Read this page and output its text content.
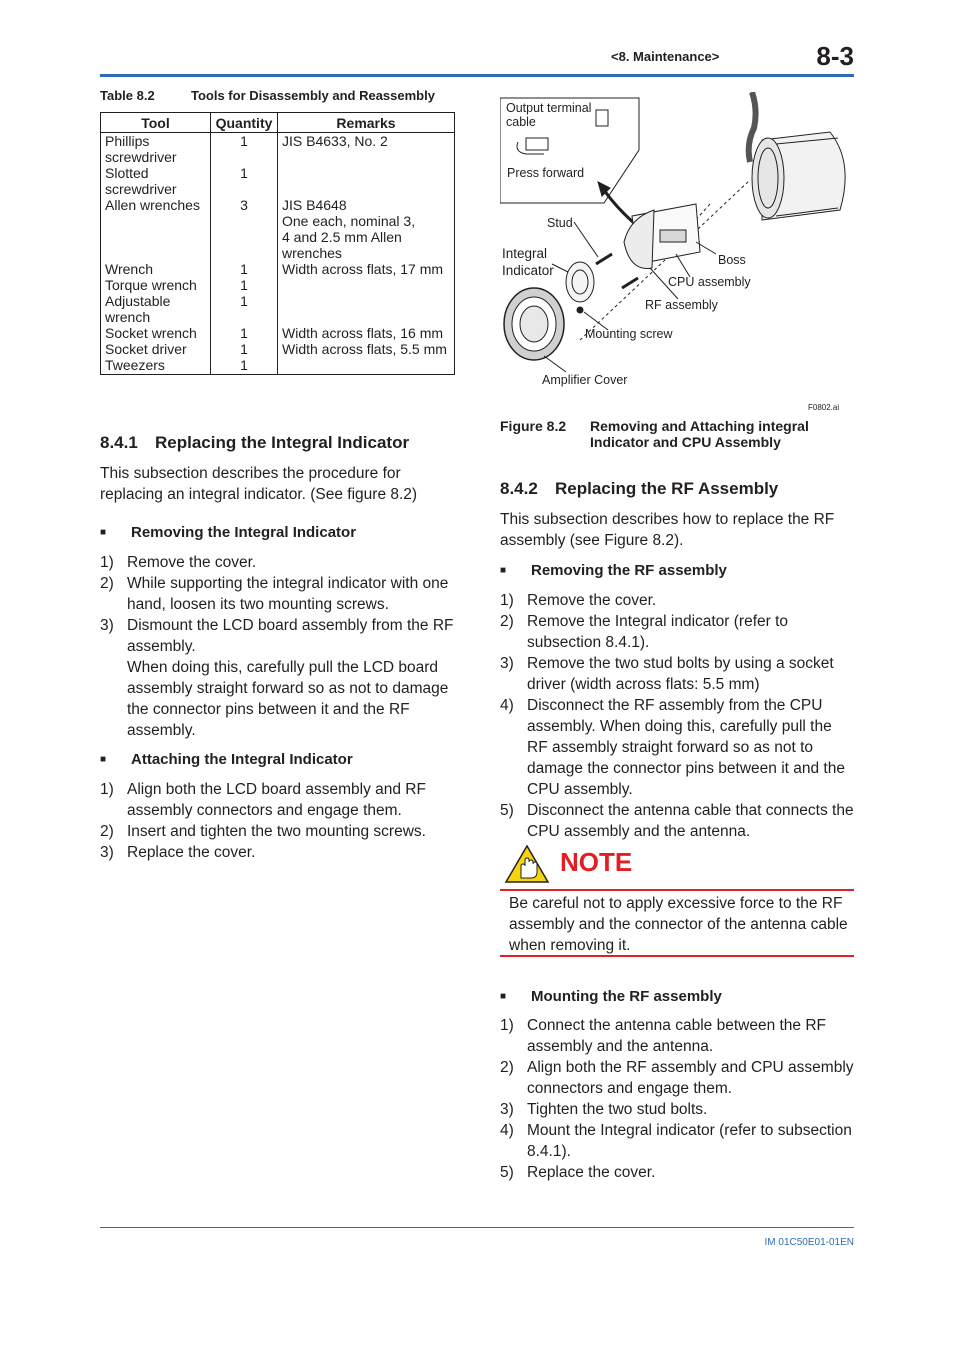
<8. Maintenance>	8-3
Table 8.2	Tools for Disassembly and Reassembly
Tool	Quantity	Remarks
Phillips screwdriver	1	JIS B4633, No. 2
Slotted screwdriver	1	
Allen wrenches	3	JIS B4648
One each, nominal 3,
4 and 2.5 mm Allen
wrenches
Wrench	1	Width across flats, 17 mm
Torque wrench	1	
Adjustable wrench	1	
Socket wrench	1	Width across flats, 16 mm
Socket driver	1	Width across flats, 5.5 mm
Tweezers	1	
8.4.1 Replacing the Integral Indicator
This subsection describes the procedure for replacing an integral indicator. (See figure 8.2)
■ Removing the Integral Indicator
1) Remove the cover.
2) While supporting the integral indicator with one hand, loosen its two mounting screws.
3) Dismount the LCD board assembly from the RF assembly.
When doing this, carefully pull the LCD board assembly straight forward so as not to damage the connector pins between it and the RF assembly.
■ Attaching the Integral Indicator
1) Align both the LCD board assembly and RF assembly connectors and engage them.
2) Insert and tighten the two mounting screws.
3) Replace the cover.
Output terminal
cable
Press forward
Stud
Integral
Indicator
Boss
CPU assembly
RF assembly
Mounting screw
Amplifier Cover
F0802.ai
Figure 8.2 Removing and Attaching integral Indicator and CPU Assembly
8.4.2 Replacing the RF Assembly
This subsection describes how to replace the RF assembly (see Figure 8.2).
■ Removing the RF assembly
1) Remove the cover.
2) Remove the Integral indicator (refer to subsection 8.4.1).
3) Remove the two stud bolts by using a socket driver (width across flats: 5.5 mm)
4) Disconnect the RF assembly from the CPU assembly. When doing this, carefully pull the RF assembly straight forward so as not to damage the connector pins between it and the CPU assembly.
5) Disconnect the antenna cable that connects the CPU assembly and the antenna.
NOTE
Be careful not to apply excessive force to the RF assembly and the connector of the antenna cable when removing it.
■ Mounting the RF assembly
1) Connect the antenna cable between the RF assembly and the antenna.
2) Align both the RF assembly and CPU assembly connectors and engage them.
3) Tighten the two stud bolts.
4) Mount the Integral indicator (refer to subsection 8.4.1).
5) Replace the cover.
IM 01C50E01-01EN
